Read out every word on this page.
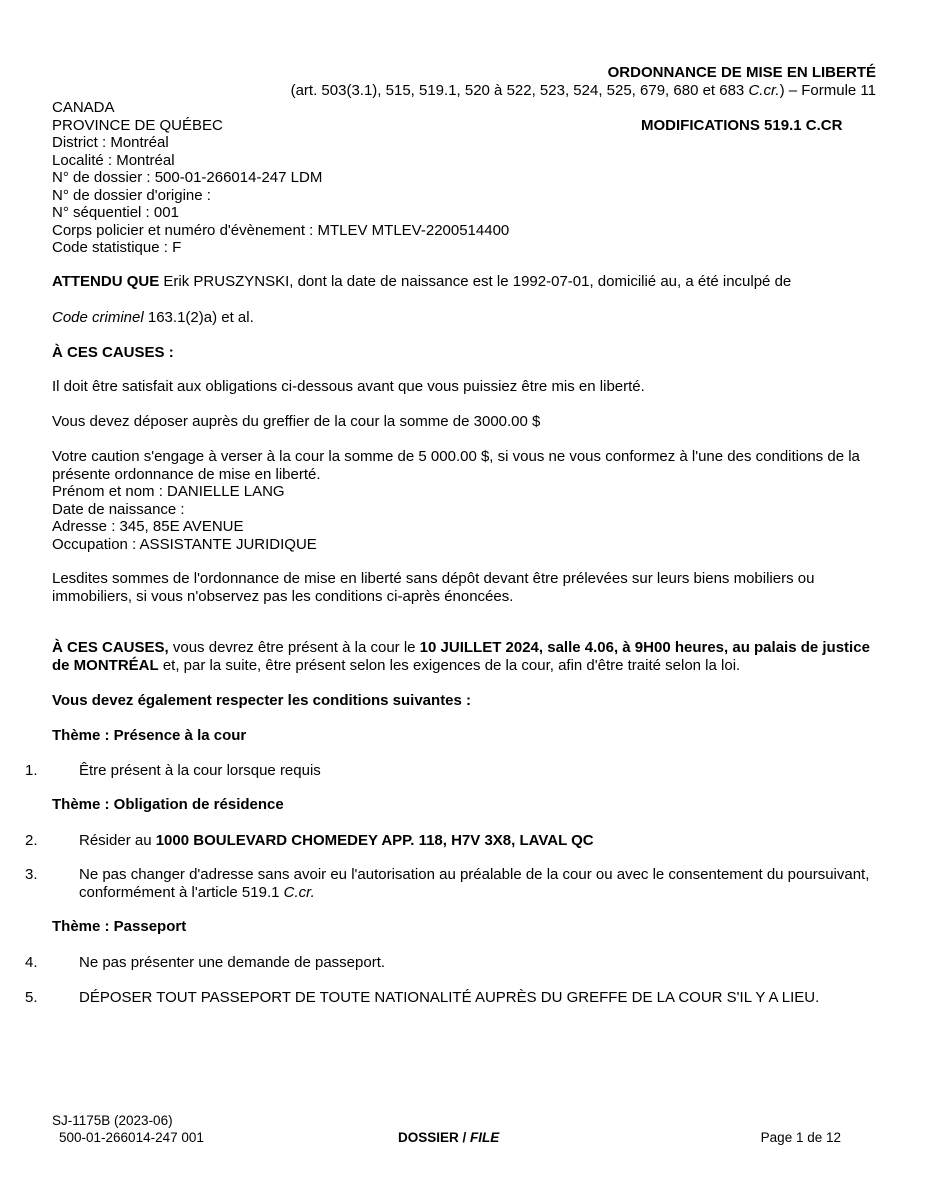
ORDONNANCE DE MISE EN LIBERTÉ
(art. 503(3.1), 515, 519.1, 520 à 522, 523, 524, 525, 679, 680 et 683 C.cr.) – Formule 11
MODIFICATIONS 519.1 C.CR
CANADA
PROVINCE DE QUÉBEC
District : Montréal
Localité : Montréal
N° de dossier : 500-01-266014-247 LDM
N° de dossier d'origine :
N° séquentiel : 001
Corps policier et numéro d'évènement : MTLEV MTLEV-2200514400
Code statistique : F
ATTENDU QUE Erik PRUSZYNSKI, dont la date de naissance est le 1992-07-01, domicilié au, a été inculpé de
Code criminel 163.1(2)a) et al.
À CES CAUSES :
Il doit être satisfait aux obligations ci-dessous avant que vous puissiez être mis en liberté.
Vous devez déposer auprès du greffier de la cour la somme de 3000.00 $
Votre caution s'engage à verser à la cour la somme de 5 000.00 $, si vous ne vous conformez à l'une des conditions de la présente ordonnance de mise en liberté.
Prénom et nom : DANIELLE LANG
Date de naissance :
Adresse : 345, 85E AVENUE
Occupation : ASSISTANTE JURIDIQUE
Lesdites sommes de l'ordonnance de mise en liberté sans dépôt devant être prélevées sur leurs biens mobiliers ou immobiliers, si vous n'observez pas les conditions ci-après énoncées.
À CES CAUSES, vous devrez être présent à la cour le 10 JUILLET 2024, salle 4.06, à 9H00 heures, au palais de justice de MONTRÉAL et, par la suite, être présent selon les exigences de la cour, afin d'être traité selon la loi.
Vous devez également respecter les conditions suivantes :
Thème : Présence à la cour
1.	Être présent à la cour lorsque requis
Thème : Obligation de résidence
2.	Résider au 1000 BOULEVARD CHOMEDEY APP. 118, H7V 3X8, LAVAL QC
3.	Ne pas changer d'adresse sans avoir eu l'autorisation au préalable de la cour ou avec le consentement du poursuivant, conformément à l'article 519.1 C.cr.
Thème : Passeport
4.	Ne pas présenter une demande de passeport.
5.	DÉPOSER TOUT PASSEPORT DE TOUTE NATIONALITÉ AUPRÈS DU GREFFE DE LA COUR S'IL Y A LIEU.
SJ-1175B (2023-06)
500-01-266014-247 001	DOSSIER / FILE	Page 1 de 12
